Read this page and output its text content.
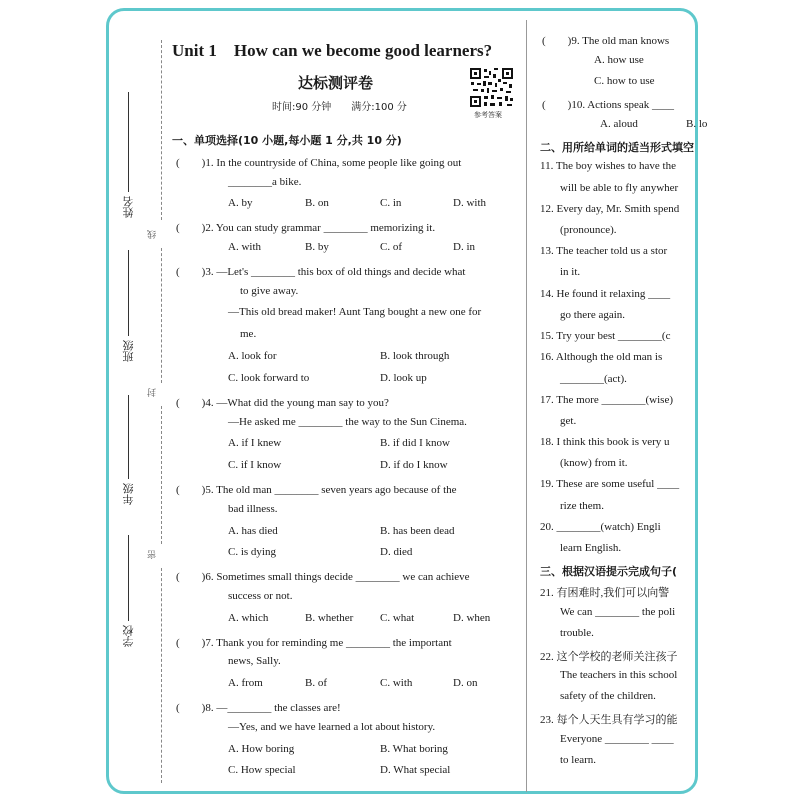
姓名
班级
年级
学校
线
封
密
Unit 1　How can we become good learners?
达标测评卷
时间:90 分钟　　满分:100 分
参考答案
一、单项选择(10 小题,每小题 1 分,共 10 分)
(　　)1. In the countryside of China, some people like going out
________a bike.
A. by	B. on	C. in	D. with
(　　)2. You can study grammar ________ memorizing it.
A. with	B. by	C. of	D. in
(　　)3. —Let's ________ this box of old things and decide what
to give away.
—This old bread maker! Aunt Tang bought a new one for
me.
A. look for	B. look through
C. look forward to	D. look up
(　　)4. —What did the young man say to you?
—He asked me ________ the way to the Sun Cinema.
A. if I knew	B. if did I know
C. if I know	D. if do I know
(　　)5. The old man ________ seven years ago because of the
bad illness.
A. has died	B. has been dead
C. is dying	D. died
(　　)6. Sometimes small things decide ________ we can achieve
success or not.
A. which	B. whether C. what	D. when
(　　)7. Thank you for reminding me ________ the important
news, Sally.
A. from	B. of	C. with	D. on
(　　)8. —________ the classes are!
—Yes, and we have learned a lot about history.
A. How boring	B. What boring
C. How special	D. What special
(　　)9. The old man knows
A. how use
C. how to use
(　　)10. Actions speak ____
A. aloud	B. lo
二、用所给单词的适当形式填空
11. The boy wishes to have the
will be able to fly anywher
12. Every day, Mr. Smith spend
(pronounce).
13. The teacher told us a stor
in it.
14. He found it relaxing ____
go there again.
15. Try your best ________(c
16. Although the old man is
________(act).
17. The more ________(wise)
get.
18. I think this book is very u
(know) from it.
19. These are some useful ____
rize them.
20. ________(watch) Engli
learn English.
三、根据汉语提示完成句子(
21. 有困难时,我们可以向警
We can ________ the poli
trouble.
22. 这个学校的老师关注孩子
The teachers in this school
safety of the children.
23. 每个人天生具有学习的能
Everyone ________ ____
to learn.
